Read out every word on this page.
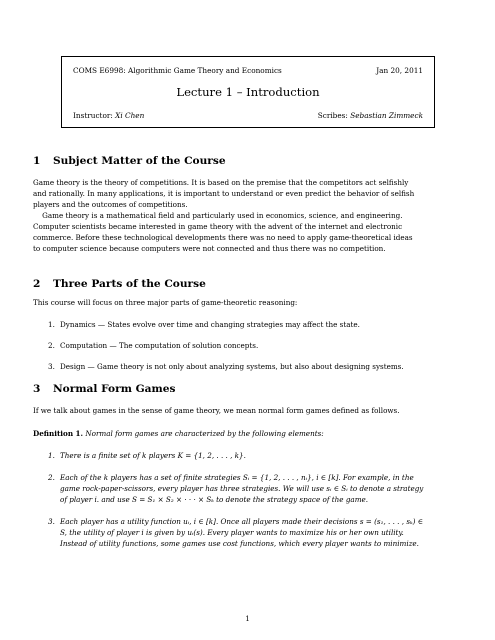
COMS E6998: Algorithmic Game Theory and Economics	Jan 20, 2011
Lecture 1 – Introduction
Instructor: Xi Chen	Scribes: Sebastian Zimmeck
1 Subject Matter of the Course
Game theory is the theory of competitions. It is based on the premise that the competitors act selfishly
and rationally. In many applications, it is important to understand or even predict the behavior of selfish
players and the outcomes of competitions.
Game theory is a mathematical field and particularly used in economics, science, and engineering.
Computer scientists became interested in game theory with the advent of the internet and electronic
commerce. Before these technological developments there was no need to apply game-theoretical ideas
to computer science because computers were not connected and thus there was no competition.
2 Three Parts of the Course
This course will focus on three major parts of game-theoretic reasoning:
1. Dynamics — States evolve over time and changing strategies may affect the state.
2. Computation — The computation of solution concepts.
3. Design — Game theory is not only about analyzing systems, but also about designing systems.
3 Normal Form Games
If we talk about games in the sense of game theory, we mean normal form games defined as follows.
Definition 1. Normal form games are characterized by the following elements:
1. There is a finite set of k players K = {1, 2, . . . , k}.
2. Each of the k players has a set of finite strategies Sᵢ = {1, 2, . . . , nᵢ}, i ∈ [k]. For example, in the
game rock-paper-scissors, every player has three strategies. We will use sᵢ ∈ Sᵢ to denote a strategy
of player i. and use S = S₁ × S₂ × · · · × Sₖ to denote the strategy space of the game.
3. Each player has a utility function uᵢ, i ∈ [k]. Once all players made their decisions s = (s₁, . . . , sₖ) ∈
S, the utility of player i is given by uᵢ(s). Every player wants to maximize his or her own utility.
Instead of utility functions, some games use cost functions, which every player wants to minimize.
1
